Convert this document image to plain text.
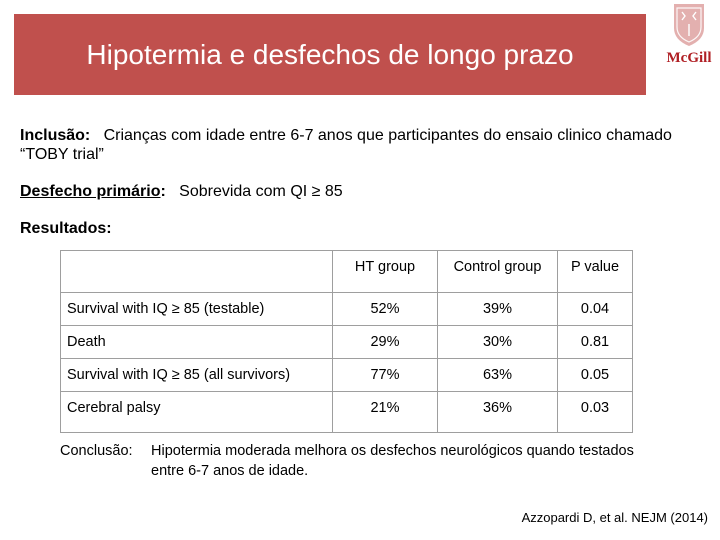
Hipotermia e desfechos de longo prazo	McGill
Inclusão: Crianças com idade entre 6-7 anos que participantes do ensaio clinico chamado “TOBY trial”
Desfecho primário: Sobrevida com QI ≥ 85
Resultados:
	HT group	Control group	P value
Survival with IQ ≥ 85 (testable)	52%	39%	0.04
Death	29%	30%	0.81
Survival with IQ ≥ 85 (all survivors)	77%	63%	0.05
Cerebral palsy	21%	36%	0.03
Conclusão: Hipotermia moderada melhora os desfechos neurológicos quando testados entre 6-7 anos de idade.
Azzopardi D, et al. NEJM (2014)
